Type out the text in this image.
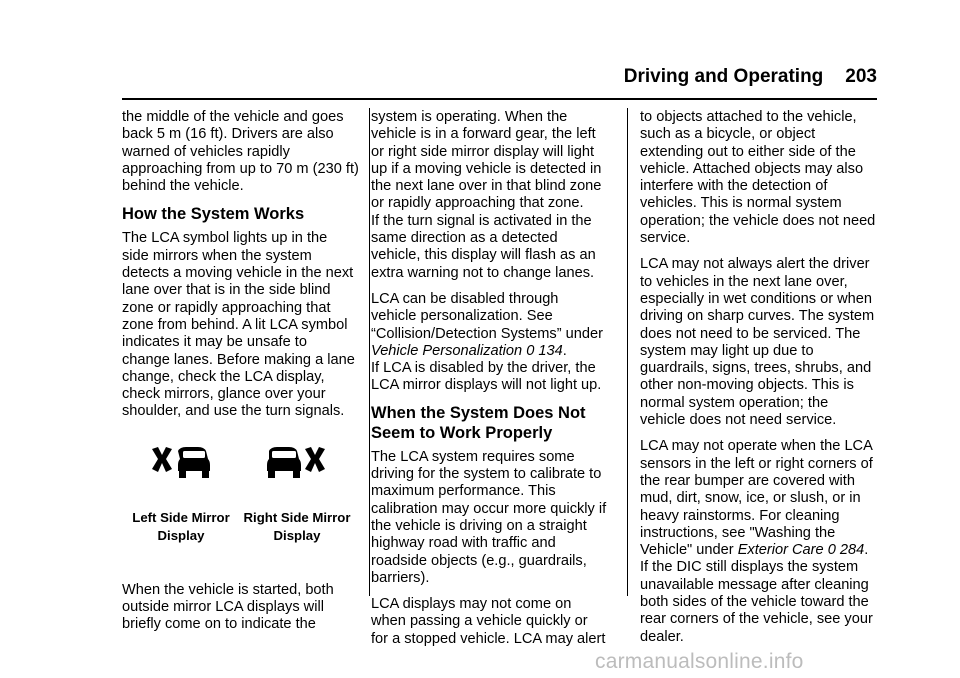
Driving and Operating 203
the middle of the vehicle and goes
back 5 m (16 ft). Drivers are also
warned of vehicles rapidly
approaching from up to 70 m (230 ft)
behind the vehicle.
How the System Works
The LCA symbol lights up in the
side mirrors when the system
detects a moving vehicle in the next
lane over that is in the side blind
zone or rapidly approaching that
zone from behind. A lit LCA symbol
indicates it may be unsafe to
change lanes. Before making a lane
change, check the LCA display,
check mirrors, glance over your
shoulder, and use the turn signals.
Left Side Mirror
Display
Right Side Mirror
Display
When the vehicle is started, both
outside mirror LCA displays will
briefly come on to indicate the
system is operating. When the
vehicle is in a forward gear, the left
or right side mirror display will light
up if a moving vehicle is detected in
the next lane over in that blind zone
or rapidly approaching that zone.
If the turn signal is activated in the
same direction as a detected
vehicle, this display will flash as an
extra warning not to change lanes.
LCA can be disabled through
vehicle personalization. See
“Collision/Detection Systems” under
Vehicle Personalization 0 134.
If LCA is disabled by the driver, the
LCA mirror displays will not light up.
When the System Does Not
Seem to Work Properly
The LCA system requires some
driving for the system to calibrate to
maximum performance. This
calibration may occur more quickly if
the vehicle is driving on a straight
highway road with traffic and
roadside objects (e.g., guardrails,
barriers).
LCA displays may not come on
when passing a vehicle quickly or
for a stopped vehicle. LCA may alert
to objects attached to the vehicle,
such as a bicycle, or object
extending out to either side of the
vehicle. Attached objects may also
interfere with the detection of
vehicles. This is normal system
operation; the vehicle does not need
service.
LCA may not always alert the driver
to vehicles in the next lane over,
especially in wet conditions or when
driving on sharp curves. The system
does not need to be serviced. The
system may light up due to
guardrails, signs, trees, shrubs, and
other non-moving objects. This is
normal system operation; the
vehicle does not need service.
LCA may not operate when the LCA
sensors in the left or right corners of
the rear bumper are covered with
mud, dirt, snow, ice, or slush, or in
heavy rainstorms. For cleaning
instructions, see "Washing the
Vehicle" under Exterior Care 0 284.
If the DIC still displays the system
unavailable message after cleaning
both sides of the vehicle toward the
rear corners of the vehicle, see your
dealer.
carmanualsonline.info
